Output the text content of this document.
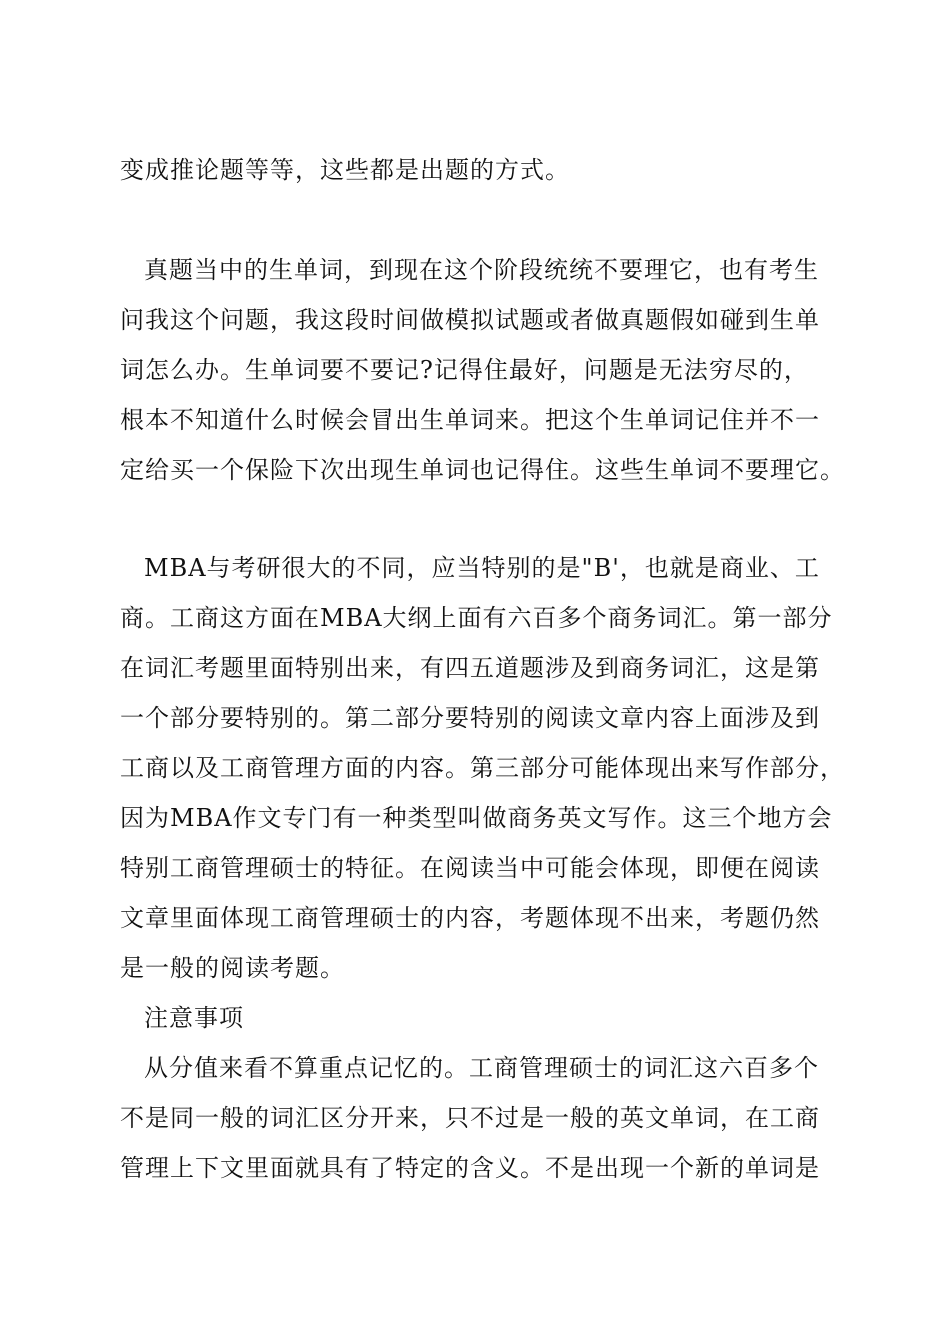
变成推论题等等，这些都是出题的方式。
真题当中的生单词，到现在这个阶段统统不要理它，也有考生
问我这个问题，我这段时间做模拟试题或者做真题假如碰到生单
词怎么办。生单词要不要记?记得住最好，问题是无法穷尽的，
根本不知道什么时候会冒出生单词来。把这个生单词记住并不一
定给买一个保险下次出现生单词也记得住。这些生单词不要理它。
MBA与考研很大的不同，应当特别的是"B'，也就是商业、工
商。工商这方面在MBA大纲上面有六百多个商务词汇。第一部分
在词汇考题里面特别出来，有四五道题涉及到商务词汇，这是第
一个部分要特别的。第二部分要特别的阅读文章内容上面涉及到
工商以及工商管理方面的内容。第三部分可能体现出来写作部分，
因为MBA作文专门有一种类型叫做商务英文写作。这三个地方会
特别工商管理硕士的特征。在阅读当中可能会体现，即便在阅读
文章里面体现工商管理硕士的内容，考题体现不出来，考题仍然
是一般的阅读考题。
注意事项
从分值来看不算重点记忆的。工商管理硕士的词汇这六百多个
不是同一般的词汇区分开来，只不过是一般的英文单词，在工商
管理上下文里面就具有了特定的含义。不是出现一个新的单词是
